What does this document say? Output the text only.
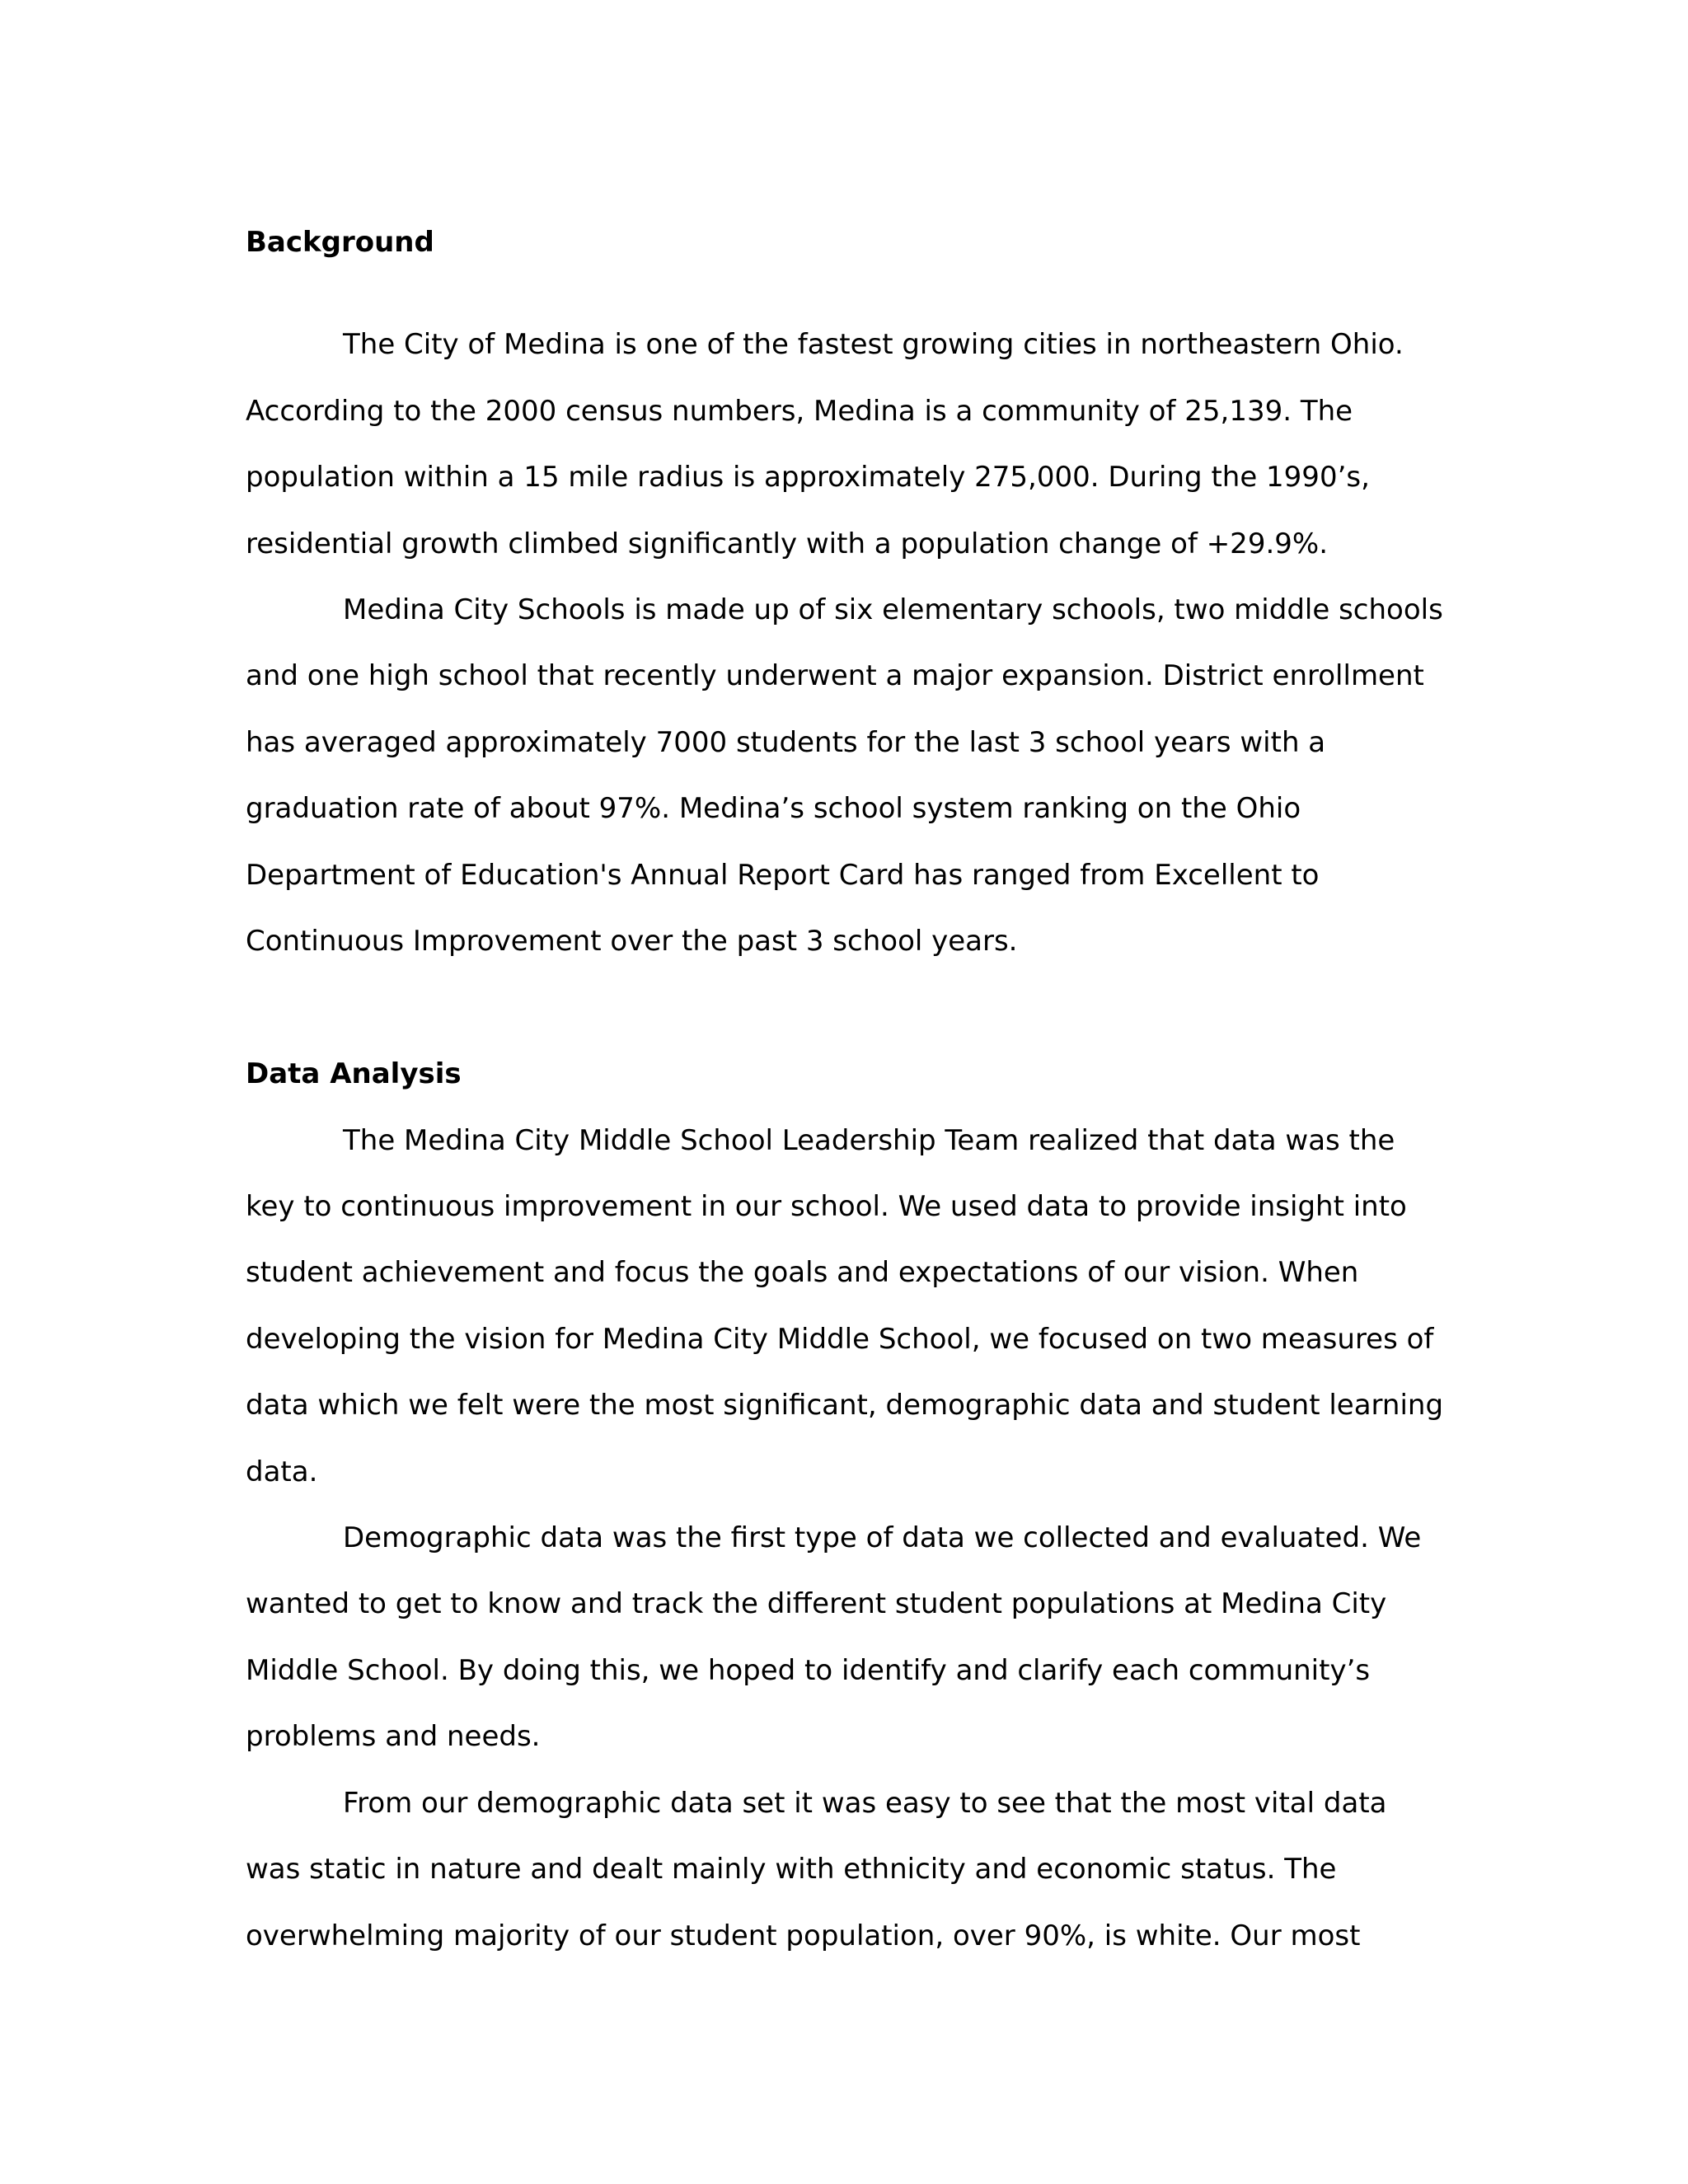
Background

The City of Medina is one of the fastest growing cities in northeastern Ohio.

According to the 2000 census numbers, Medina is a community of 25,139. The

population within a 15 mile radius is approximately 275,000. During the 1990’s,

residential growth climbed significantly with a population change of +29.9%.

Medina City Schools is made up of six elementary schools, two middle schools

and one high school that recently underwent a major expansion. District enrollment

has averaged approximately 7000 students for the last 3 school years with a

graduation rate of about 97%. Medina’s school system ranking on the Ohio

Department of Education's Annual Report Card has ranged from Excellent to

Continuous Improvement over the past 3 school years.

Data Analysis

The Medina City Middle School Leadership Team realized that data was the

key to continuous improvement in our school. We used data to provide insight into

student achievement and focus the goals and expectations of our vision. When

developing the vision for Medina City Middle School, we focused on two measures of

data which we felt were the most significant, demographic data and student learning

data.

Demographic data was the first type of data we collected and evaluated. We

wanted to get to know and track the different student populations at Medina City

Middle School. By doing this, we hoped to identify and clarify each community’s

problems and needs.

From our demographic data set it was easy to see that the most vital data

was static in nature and dealt mainly with ethnicity and economic status. The

overwhelming majority of our student population, over 90%, is white. Our most
